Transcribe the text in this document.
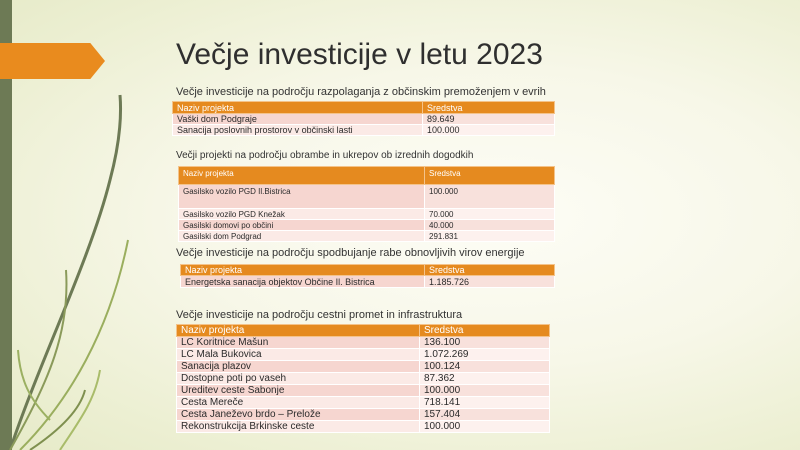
Večje investicije v letu 2023
Večje investicije na področju razpolaganja z občinskim premoženjem v evrih
Naziv projekta	Sredstva
Vaški dom Podgraje	89.649
Sanacija poslovnih prostorov v občinski lasti	100.000
Večji projekti na področju obrambe in ukrepov ob izrednih dogodkih
Naziv projekta	Sredstva
Gasilsko vozilo PGD Il.Bistrica	100.000
Gasilsko vozilo PGD Knežak	70.000
Gasilski domovi po občini	40.000
Gasilski dom Podgrad	291.831
Večje investicije na področju spodbujanje rabe obnovljivih virov energije
Naziv projekta	Sredstva
Energetska sanacija objektov Občine Il. Bistrica	1.185.726
Večje investicije na področju cestni promet in infrastruktura
Naziv projekta	Sredstva
LC Koritnice Mašun	136.100
LC Mala Bukovica	1.072.269
Sanacija plazov	100.124
Dostopne poti po vaseh	87.362
Ureditev ceste Sabonje	100.000
Cesta Mereče	718.141
Cesta Janeževo brdo – Prelože	157.404
Rekonstrukcija Brkinske ceste	100.000
